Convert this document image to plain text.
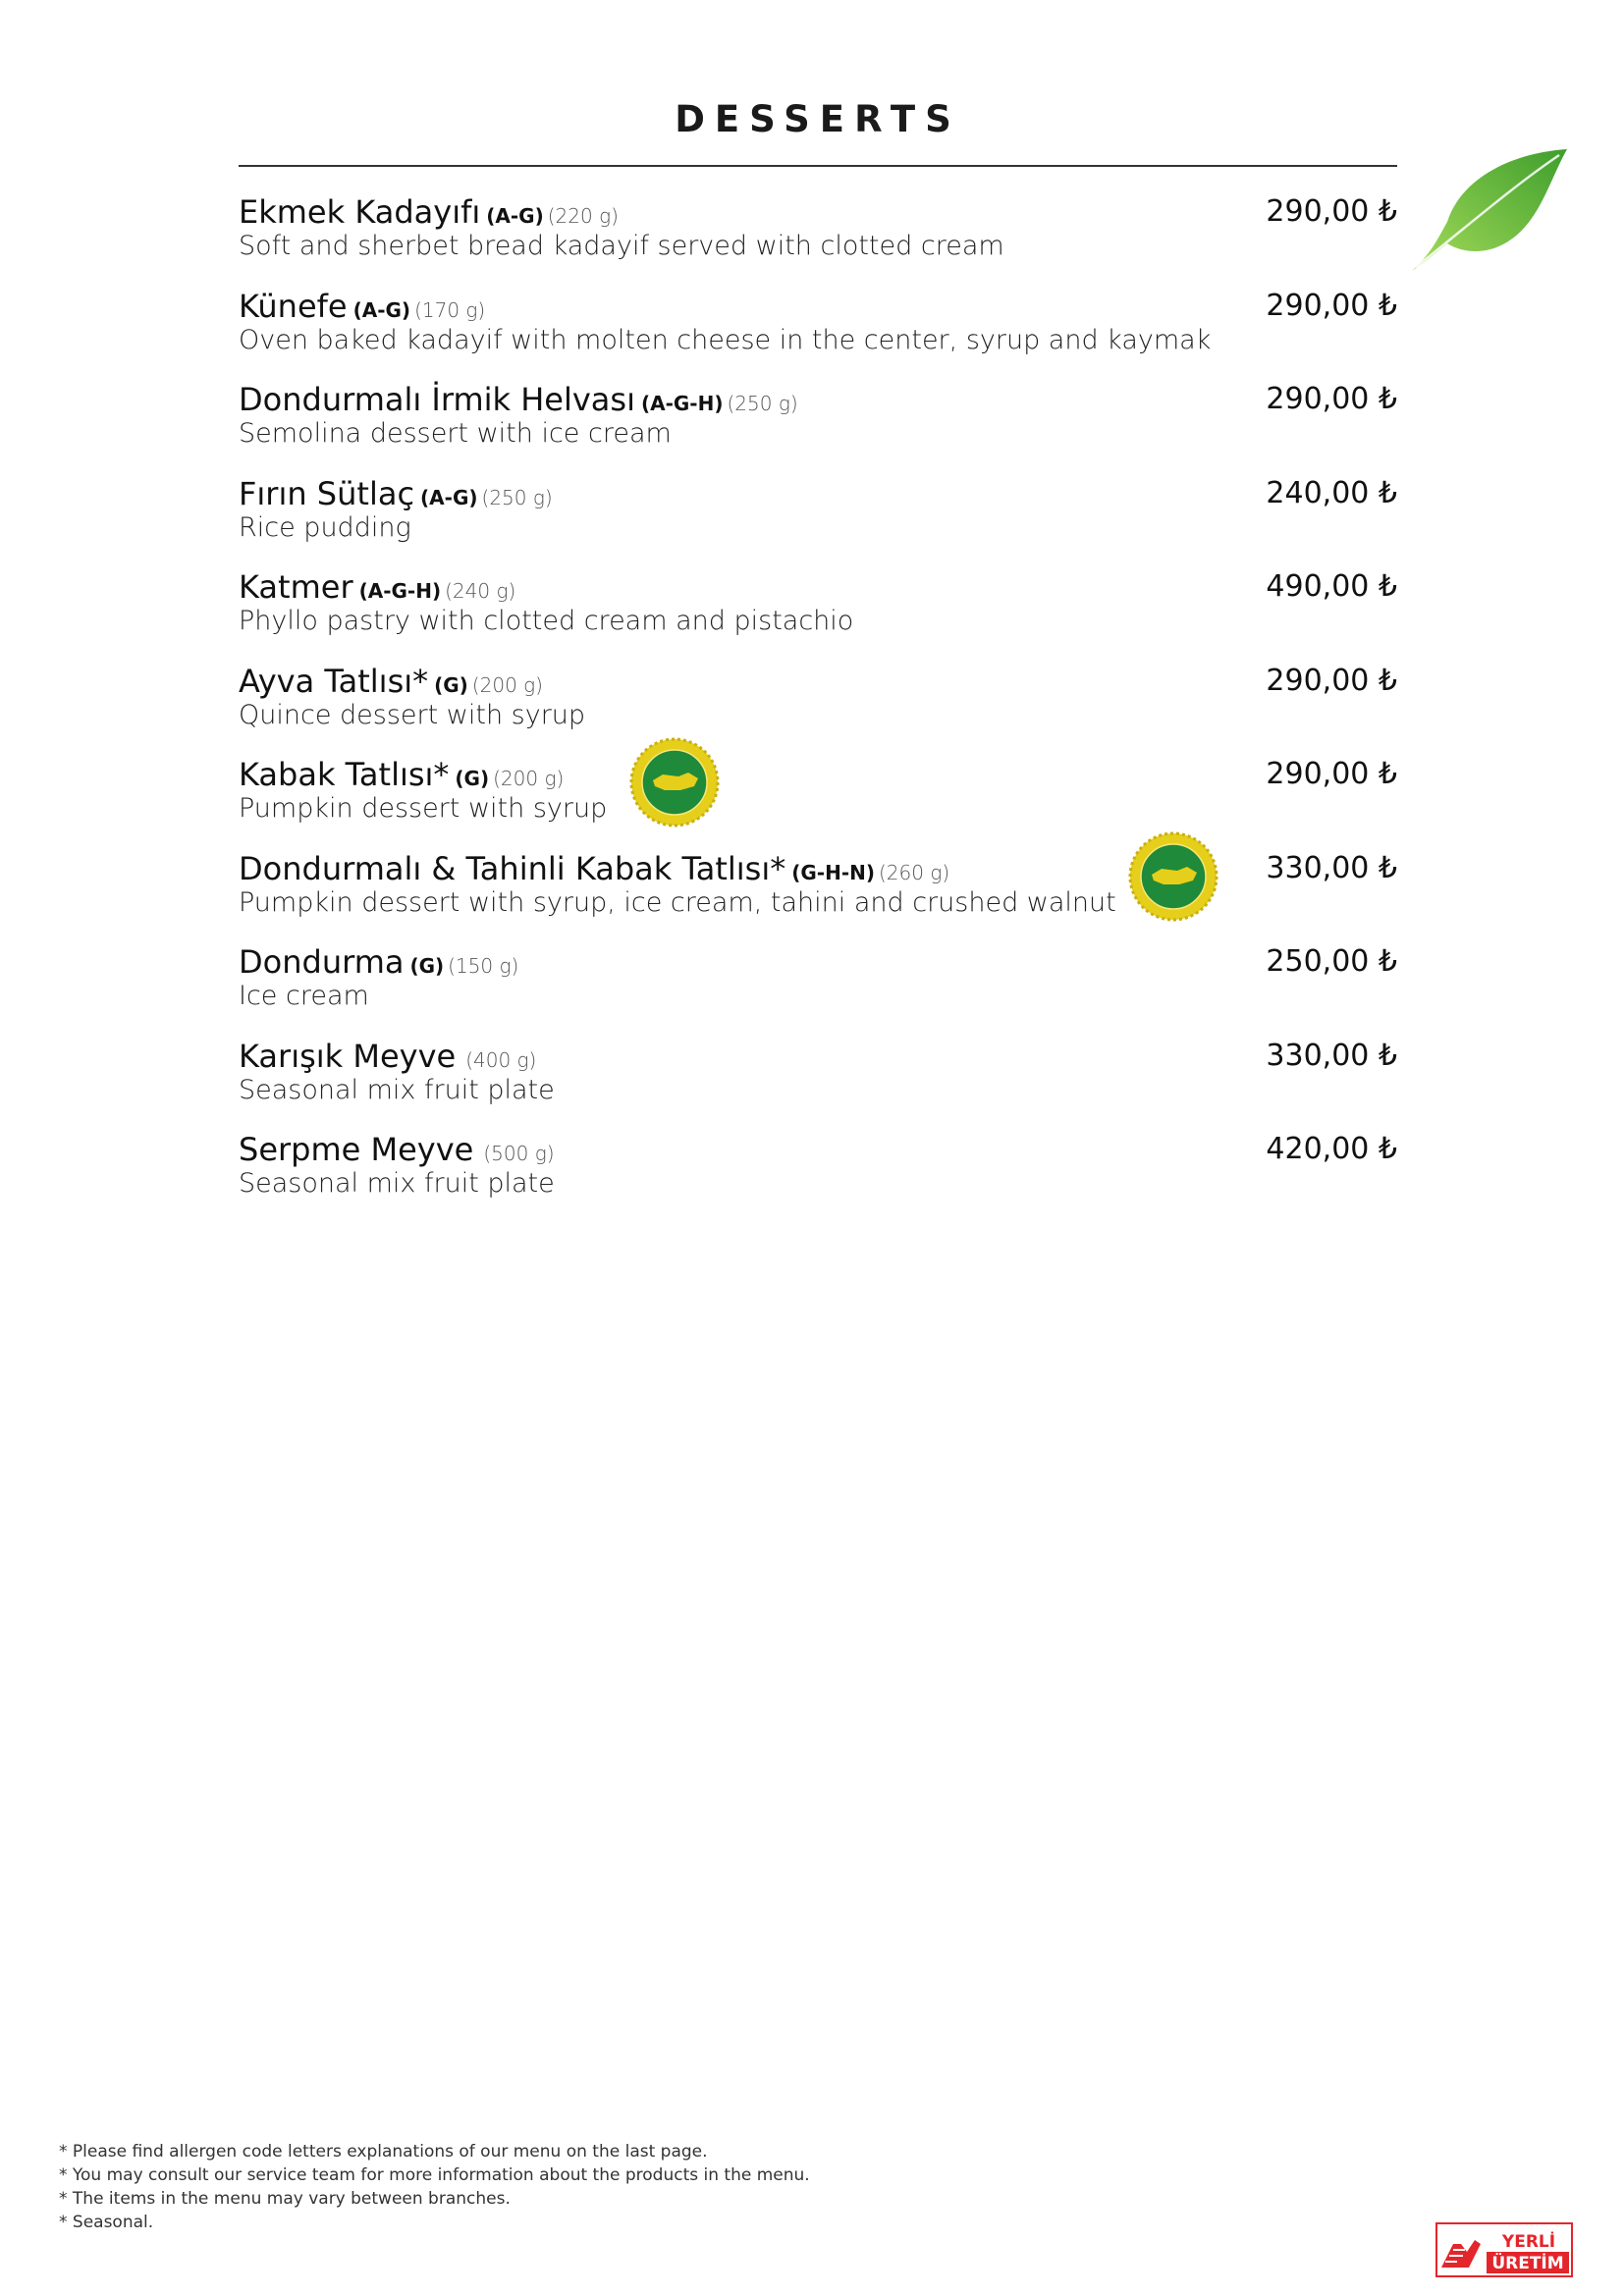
DESSERTS
Ekmek Kadayıfı (A-G) (220 g)
Soft and sherbet bread kadayif served with clotted cream
290,00 ₺
Künefe (A-G) (170 g)
Oven baked kadayif with molten cheese in the center, syrup and kaymak
290,00 ₺
Dondurmalı İrmik Helvası (A-G-H) (250 g)
Semolina dessert with ice cream
290,00 ₺
Fırın Sütlaç (A-G) (250 g)
Rice pudding
240,00 ₺
Katmer (A-G-H) (240 g)
Phyllo pastry with clotted cream and pistachio
490,00 ₺
Ayva Tatlısı* (G) (200 g)
Quince dessert with syrup
290,00 ₺
Kabak Tatlısı* (G) (200 g)
Pumpkin dessert with syrup
290,00 ₺
Dondurmalı & Tahinli Kabak Tatlısı* (G-H-N) (260 g)
Pumpkin dessert with syrup, ice cream, tahini and crushed walnut
330,00 ₺
Dondurma (G) (150 g)
Ice cream
250,00 ₺
Karışık Meyve (400 g)
Seasonal mix fruit plate
330,00 ₺
Serpme Meyve (500 g)
Seasonal mix fruit plate
420,00 ₺
* Please find allergen code letters explanations of our menu on the last page.
* You may consult our service team for more information about the products in the menu.
* The items in the menu may vary between branches.
* Seasonal.
YERLİ
ÜRETİM
